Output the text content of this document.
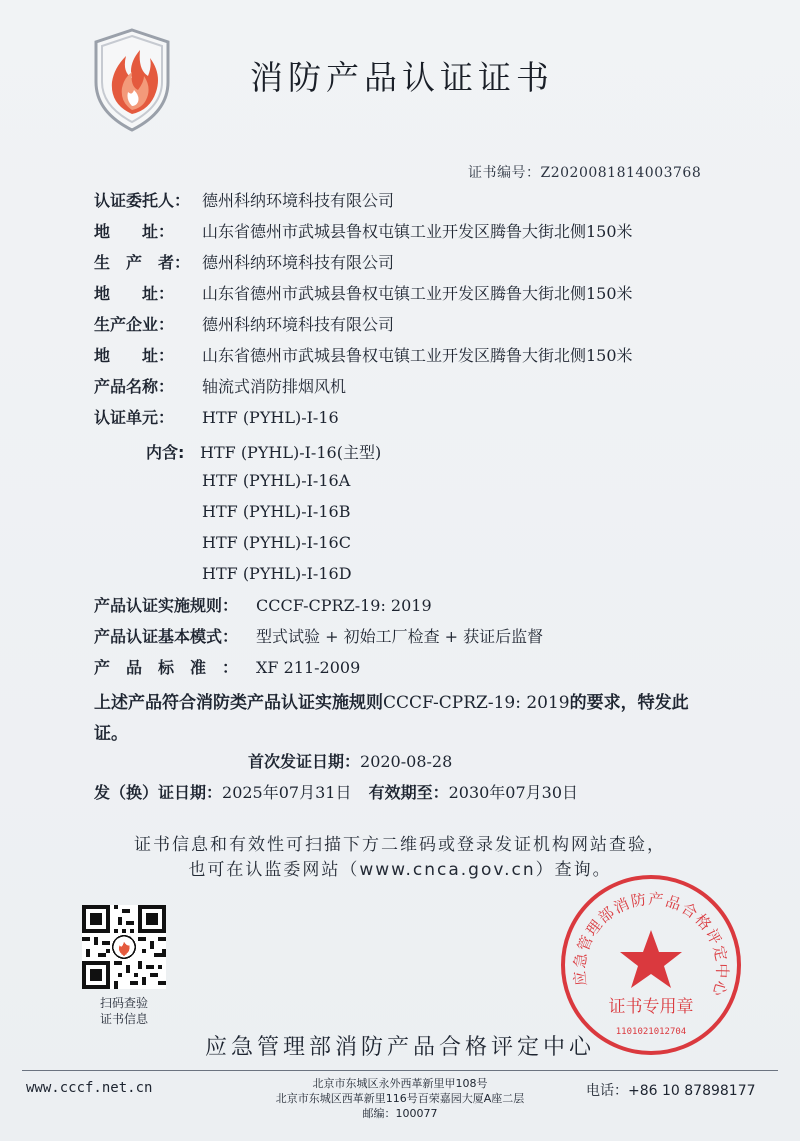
消防产品认证证书
证书编号：Z2020081814003768
认证委托人： 德州科纳环境科技有限公司
地　　址： 山东省德州市武城县鲁权屯镇工业开发区腾鲁大街北侧150米
生　产　者： 德州科纳环境科技有限公司
地　　址： 山东省德州市武城县鲁权屯镇工业开发区腾鲁大街北侧150米
生产企业： 德州科纳环境科技有限公司
地　　址： 山东省德州市武城县鲁权屯镇工业开发区腾鲁大街北侧150米
产品名称： 轴流式消防排烟风机
认证单元： HTF (PYHL)-I-16
内含: HTF (PYHL)-I-16(主型)
HTF (PYHL)-I-16A
HTF (PYHL)-I-16B
HTF (PYHL)-I-16C
HTF (PYHL)-I-16D
产品认证实施规则： CCCF-CPRZ-19: 2019
产品认证基本模式： 型式试验 + 初始工厂检查 + 获证后监督
产　品　标　准　： XF 211-2009
上述产品符合消防类产品认证实施规则CCCF-CPRZ-19: 2019的要求，特发此证。
首次发证日期：2020-08-28
发（换）证日期：2025年07月31日 有效期至：2030年07月30日
证书信息和有效性可扫描下方二维码或登录发证机构网站查验，
也可在认监委网站（www.cnca.gov.cn）查询。
扫码查验
证书信息
应急管理部消防产品合格评定中心
证书专用章
1101021012704
应急管理部消防产品合格评定中心
www.cccf.net.cn	北京市东城区永外西革新里甲108号
北京市东城区西革新里116号百荣嘉园大厦A座二层
邮编：100077
电话：+86 10 87898177
